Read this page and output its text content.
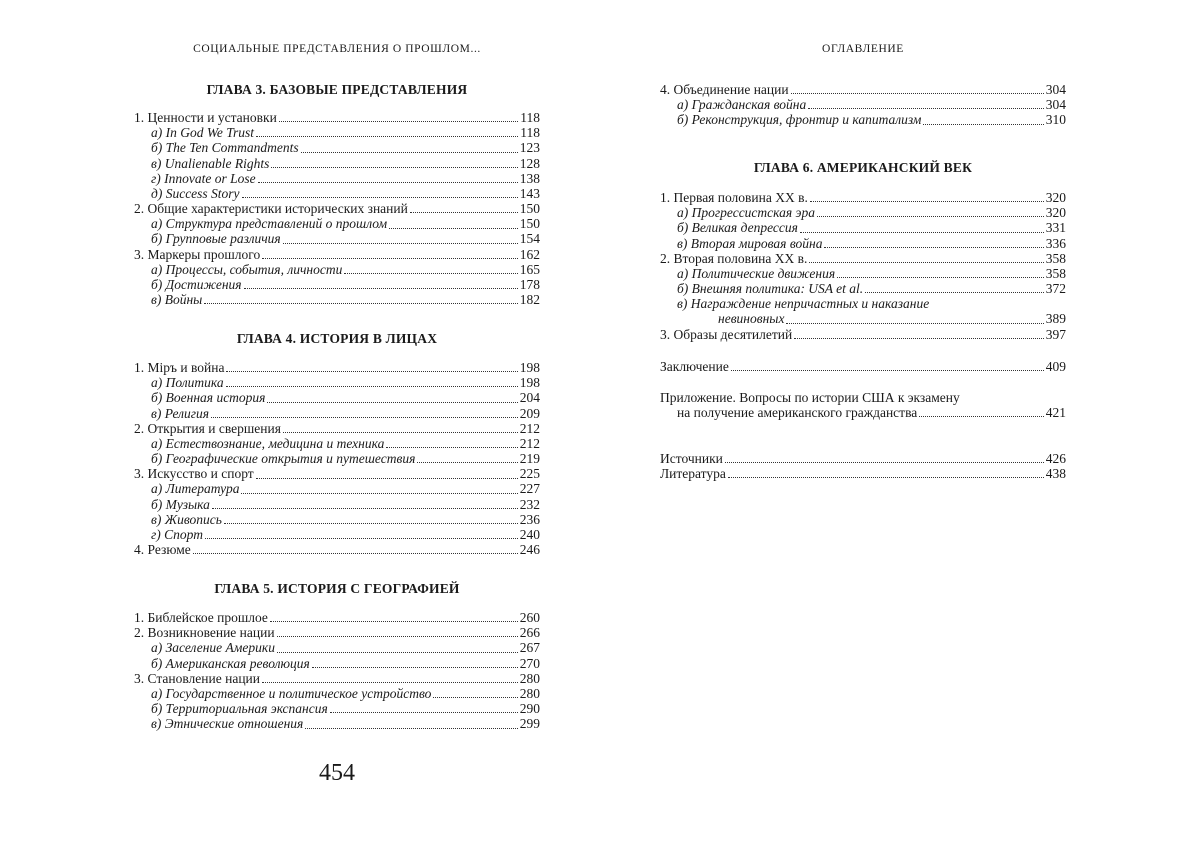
СОЦИАЛЬНЫЕ ПРЕДСТАВЛЕНИЯ О ПРОШЛОМ...
ГЛАВА 3. БАЗОВЫЕ ПРЕДСТАВЛЕНИЯ
1. Ценности и установки	118
а) In God We Trust	118
б) The Ten Commandments	123
в) Unalienable Rights	128
г) Innovate or Lose	138
д) Success Story	143
2. Общие характеристики исторических знаний	150
а) Структура представлений о прошлом	150
б) Групповые различия	154
3. Маркеры прошлого	162
а) Процессы, события, личности	165
б) Достижения	178
в) Войны	182
ГЛАВА 4. ИСТОРИЯ В ЛИЦАХ
1. Міръ и война	198
а) Политика	198
б) Военная история	204
в) Религия	209
2. Открытия и свершения	212
а) Естествознание, медицина и техника	212
б) Географические открытия и путешествия	219
3. Искусство и спорт	225
а) Литература	227
б) Музыка	232
в) Живопись	236
г) Спорт	240
4. Резюме	246
ГЛАВА 5. ИСТОРИЯ С ГЕОГРАФИЕЙ
1. Библейское прошлое	260
2. Возникновение нации	266
а) Заселение Америки	267
б) Американская революция	270
3. Становление нации	280
а) Государственное и политическое устройство	280
б) Территориальная экспансия	290
в) Этнические отношения	299
454
ОГЛАВЛЕНИЕ
4. Объединение нации	304
а) Гражданская война	304
б) Реконструкция, фронтир и капитализм	310
ГЛАВА 6. АМЕРИКАНСКИЙ ВЕК
1. Первая половина XX в.	320
а) Прогрессистская эра	320
б) Великая депрессия	331
в) Вторая мировая война	336
2. Вторая половина XX в.	358
а) Политические движения	358
б) Внешняя политика: USA et al.	372
в) Награждение непричастных и наказание
невиновных	389
3. Образы десятилетий	397
Заключение	409
Приложение. Вопросы по истории США к экзамену
на получение американского гражданства	421
Источники	426
Литература	438
